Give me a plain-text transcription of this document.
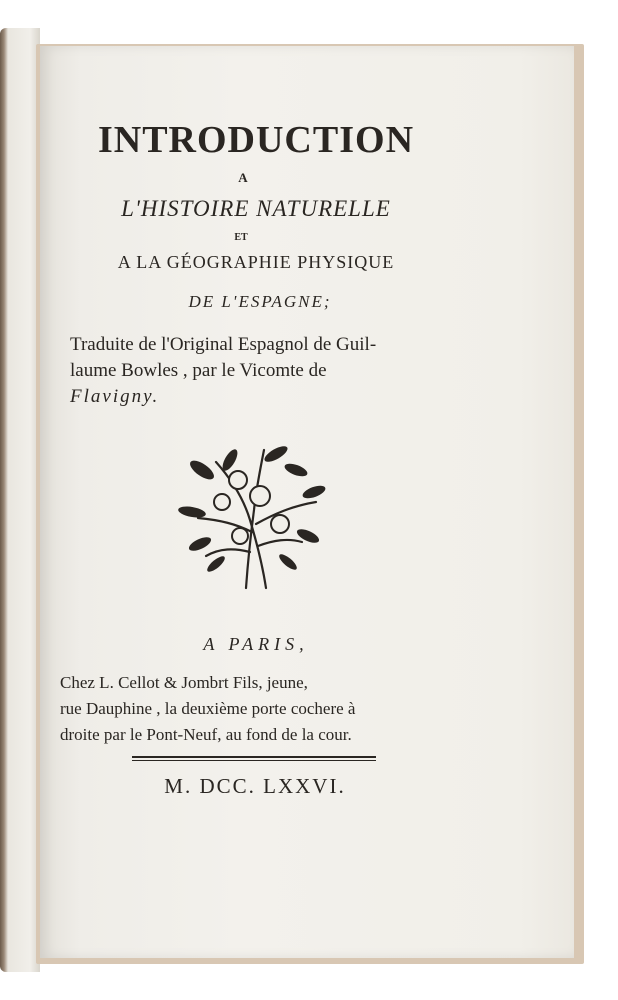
INTRODUCTION
A
L'HISTOIRE NATURELLE
ET
A LA GÉOGRAPHIE PHYSIQUE
DE L'ESPAGNE;
Traduite de l'Original Espagnol de Guil-
laume Bowles , par le Vicomte de
Flavigny.
A PARIS,
Chez L. Cellot & Jombrt Fils, jeune,
rue Dauphine , la deuxième porte cochere à
droite par le Pont-Neuf, au fond de la cour.
M. DCC. LXXVI.
